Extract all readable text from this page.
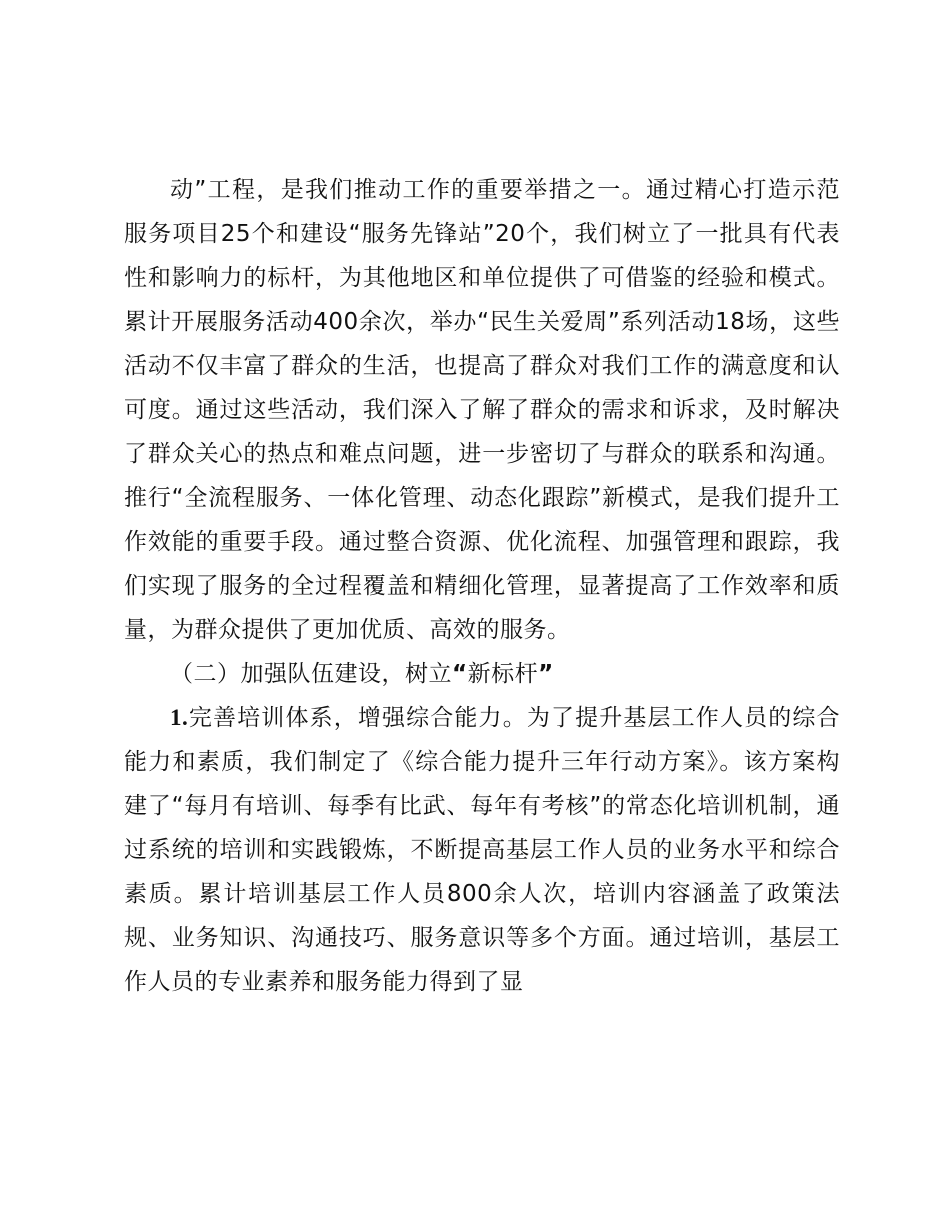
动”工程，是我们推动工作的重要举措之一。通过精心打造示范服务项目25个和建设“服务先锋站”20个，我们树立了一批具有代表性和影响力的标杆，为其他地区和单位提供了可借鉴的经验和模式。累计开展服务活动400余次，举办“民生关爱周”系列活动18场，这些活动不仅丰富了群众的生活，也提高了群众对我们工作的满意度和认可度。通过这些活动，我们深入了解了群众的需求和诉求，及时解决了群众关心的热点和难点问题，进一步密切了与群众的联系和沟通。推行“全流程服务、一体化管理、动态化跟踪”新模式，是我们提升工作效能的重要手段。通过整合资源、优化流程、加强管理和跟踪，我们实现了服务的全过程覆盖和精细化管理，显著提高了工作效率和质量，为群众提供了更加优质、高效的服务。

（二）加强队伍建设，树立“新标杆”

1.完善培训体系，增强综合能力。为了提升基层工作人员的综合能力和素质，我们制定了《综合能力提升三年行动方案》。该方案构建了“每月有培训、每季有比武、每年有考核”的常态化培训机制，通过系统的培训和实践锻炼，不断提高基层工作人员的业务水平和综合素质。累计培训基层工作人员800余人次，培训内容涵盖了政策法规、业务知识、沟通技巧、服务意识等多个方面。通过培训，基层工作人员的专业素养和服务能力得到了显
